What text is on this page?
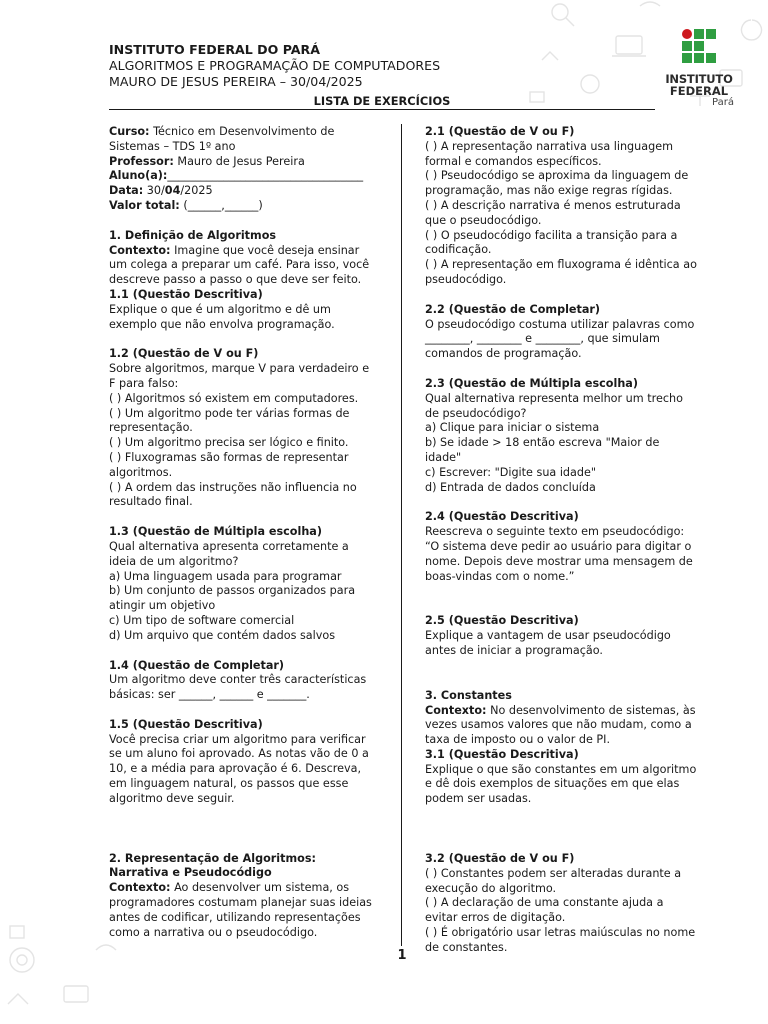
INSTITUTO FEDERAL DO PARÁ
ALGORITMOS E PROGRAMAÇÃO DE COMPUTADORES
MAURO DE JESUS PEREIRA – 30/04/2025	INSTITUTO
FEDERAL
Pará
LISTA DE EXERCÍCIOS

Curso: Técnico em Desenvolvimento de Sistemas – TDS 1º ano

Professor: Mauro de Jesus Pereira

Aluno(a):___________________________________

Data: 30/04/2025

Valor total: (______,______)

1. Definição de Algoritmos

Contexto: Imagine que você deseja ensinar um colega a preparar um café. Para isso, você descreve passo a passo o que deve ser feito.

1.1 (Questão Descritiva)

Explique o que é um algoritmo e dê um exemplo que não envolva programação.

1.2 (Questão de V ou F)

Sobre algoritmos, marque V para verdadeiro e F para falso:

( ) Algoritmos só existem em computadores.

( ) Um algoritmo pode ter várias formas de representação.

( ) Um algoritmo precisa ser lógico e finito.

( ) Fluxogramas são formas de representar algoritmos.

( ) A ordem das instruções não influencia no resultado final.

1.3 (Questão de Múltipla escolha)

Qual alternativa apresenta corretamente a ideia de um algoritmo?

a) Uma linguagem usada para programar

b) Um conjunto de passos organizados para atingir um objetivo

c) Um tipo de software comercial

d) Um arquivo que contém dados salvos

1.4 (Questão de Completar)

Um algoritmo deve conter três características básicas: ser ______, ______ e _______.

1.5 (Questão Descritiva)

Você precisa criar um algoritmo para verificar se um aluno foi aprovado. As notas vão de 0 a 10, e a média para aprovação é 6. Descreva, em linguagem natural, os passos que esse algoritmo deve seguir.

2. Representação de Algoritmos: Narrativa e Pseudocódigo

Contexto: Ao desenvolver um sistema, os programadores costumam planejar suas ideias antes de codificar, utilizando representações como a narrativa ou o pseudocódigo.

2.1 (Questão de V ou F)

( ) A representação narrativa usa linguagem formal e comandos específicos.

( ) Pseudocódigo se aproxima da linguagem de programação, mas não exige regras rígidas.

( ) A descrição narrativa é menos estruturada que o pseudocódigo.

( ) O pseudocódigo facilita a transição para a codificação.

( ) A representação em fluxograma é idêntica ao pseudocódigo.

2.2 (Questão de Completar)

O pseudocódigo costuma utilizar palavras como ________, ________ e ________, que simulam comandos de programação.

2.3 (Questão de Múltipla escolha)

Qual alternativa representa melhor um trecho de pseudocódigo?

a) Clique para iniciar o sistema

b) Se idade > 18 então escreva "Maior de idade"

c) Escrever: "Digite sua idade"

d) Entrada de dados concluída

2.4 (Questão Descritiva)

Reescreva o seguinte texto em pseudocódigo:

“O sistema deve pedir ao usuário para digitar o nome. Depois deve mostrar uma mensagem de boas-vindas com o nome.”

2.5 (Questão Descritiva)

Explique a vantagem de usar pseudocódigo antes de iniciar a programação.

3. Constantes

Contexto: No desenvolvimento de sistemas, às vezes usamos valores que não mudam, como a taxa de imposto ou o valor de PI.

3.1 (Questão Descritiva)

Explique o que são constantes em um algoritmo e dê dois exemplos de situações em que elas podem ser usadas.

3.2 (Questão de V ou F)

( ) Constantes podem ser alteradas durante a execução do algoritmo.

( ) A declaração de uma constante ajuda a evitar erros de digitação.

( ) É obrigatório usar letras maiúsculas no nome de constantes.

1
